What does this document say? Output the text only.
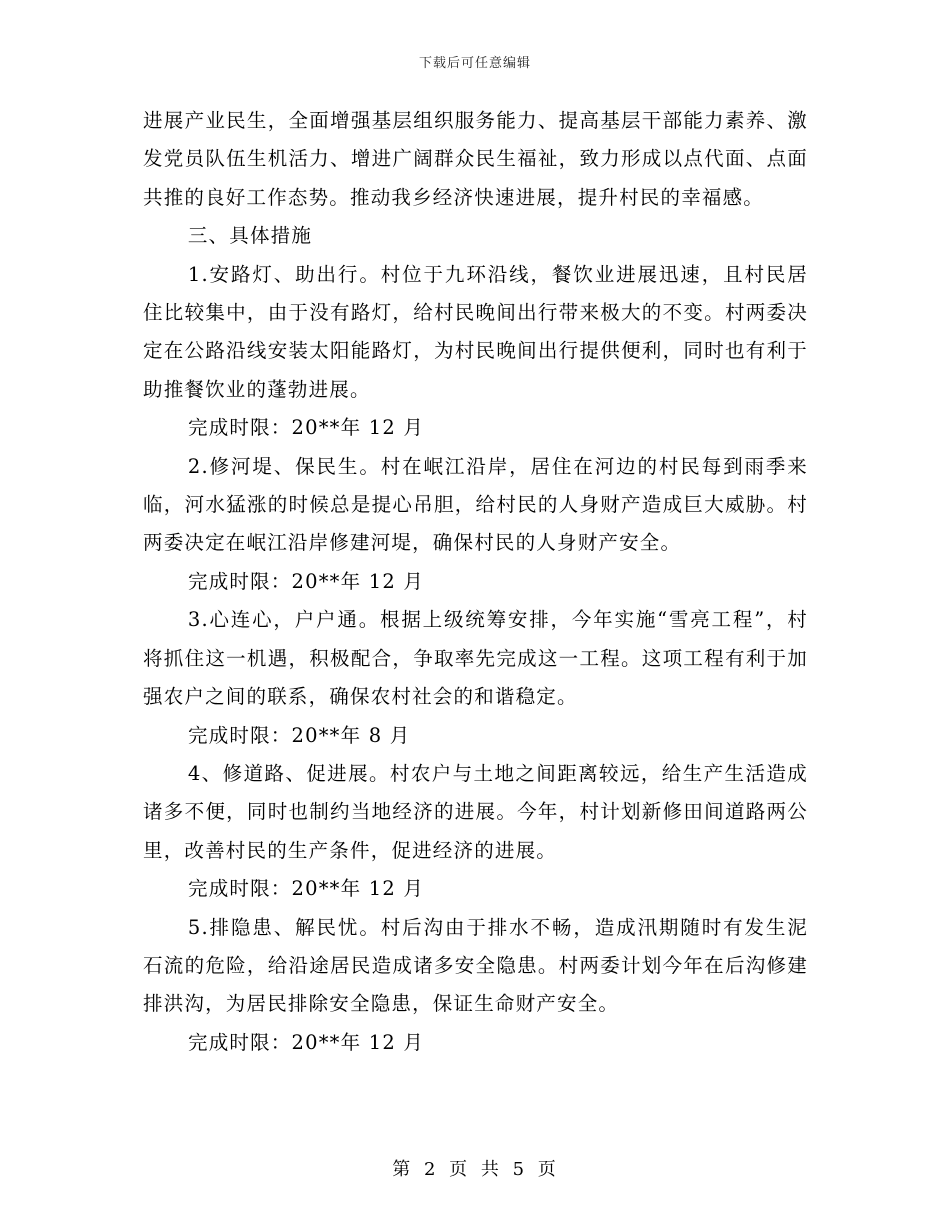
下载后可任意编辑

进展产业民生，全面增强基层组织服务能力、提高基层干部能力素养、激发党员队伍生机活力、增进广阔群众民生福祉，致力形成以点代面、点面共推的良好工作态势。推动我乡经济快速进展，提升村民的幸福感。

三、具体措施

1.安路灯、助出行。村位于九环沿线，餐饮业进展迅速，且村民居住比较集中，由于没有路灯，给村民晚间出行带来极大的不变。村两委决定在公路沿线安装太阳能路灯，为村民晚间出行提供便利，同时也有利于助推餐饮业的蓬勃进展。

完成时限：20**年 12 月

2.修河堤、保民生。村在岷江沿岸，居住在河边的村民每到雨季来临，河水猛涨的时候总是提心吊胆，给村民的人身财产造成巨大威胁。村两委决定在岷江沿岸修建河堤，确保村民的人身财产安全。

完成时限：20**年 12 月

3.心连心，户户通。根据上级统筹安排，今年实施“雪亮工程”，村将抓住这一机遇，积极配合，争取率先完成这一工程。这项工程有利于加强农户之间的联系，确保农村社会的和谐稳定。

完成时限：20**年 8 月

4、修道路、促进展。村农户与土地之间距离较远，给生产生活造成诸多不便，同时也制约当地经济的进展。今年，村计划新修田间道路两公里，改善村民的生产条件，促进经济的进展。

完成时限：20**年 12 月

5.排隐患、解民忧。村后沟由于排水不畅，造成汛期随时有发生泥石流的危险，给沿途居民造成诸多安全隐患。村两委计划今年在后沟修建排洪沟，为居民排除安全隐患，保证生命财产安全。

完成时限：20**年 12 月

第 2 页 共 5 页
